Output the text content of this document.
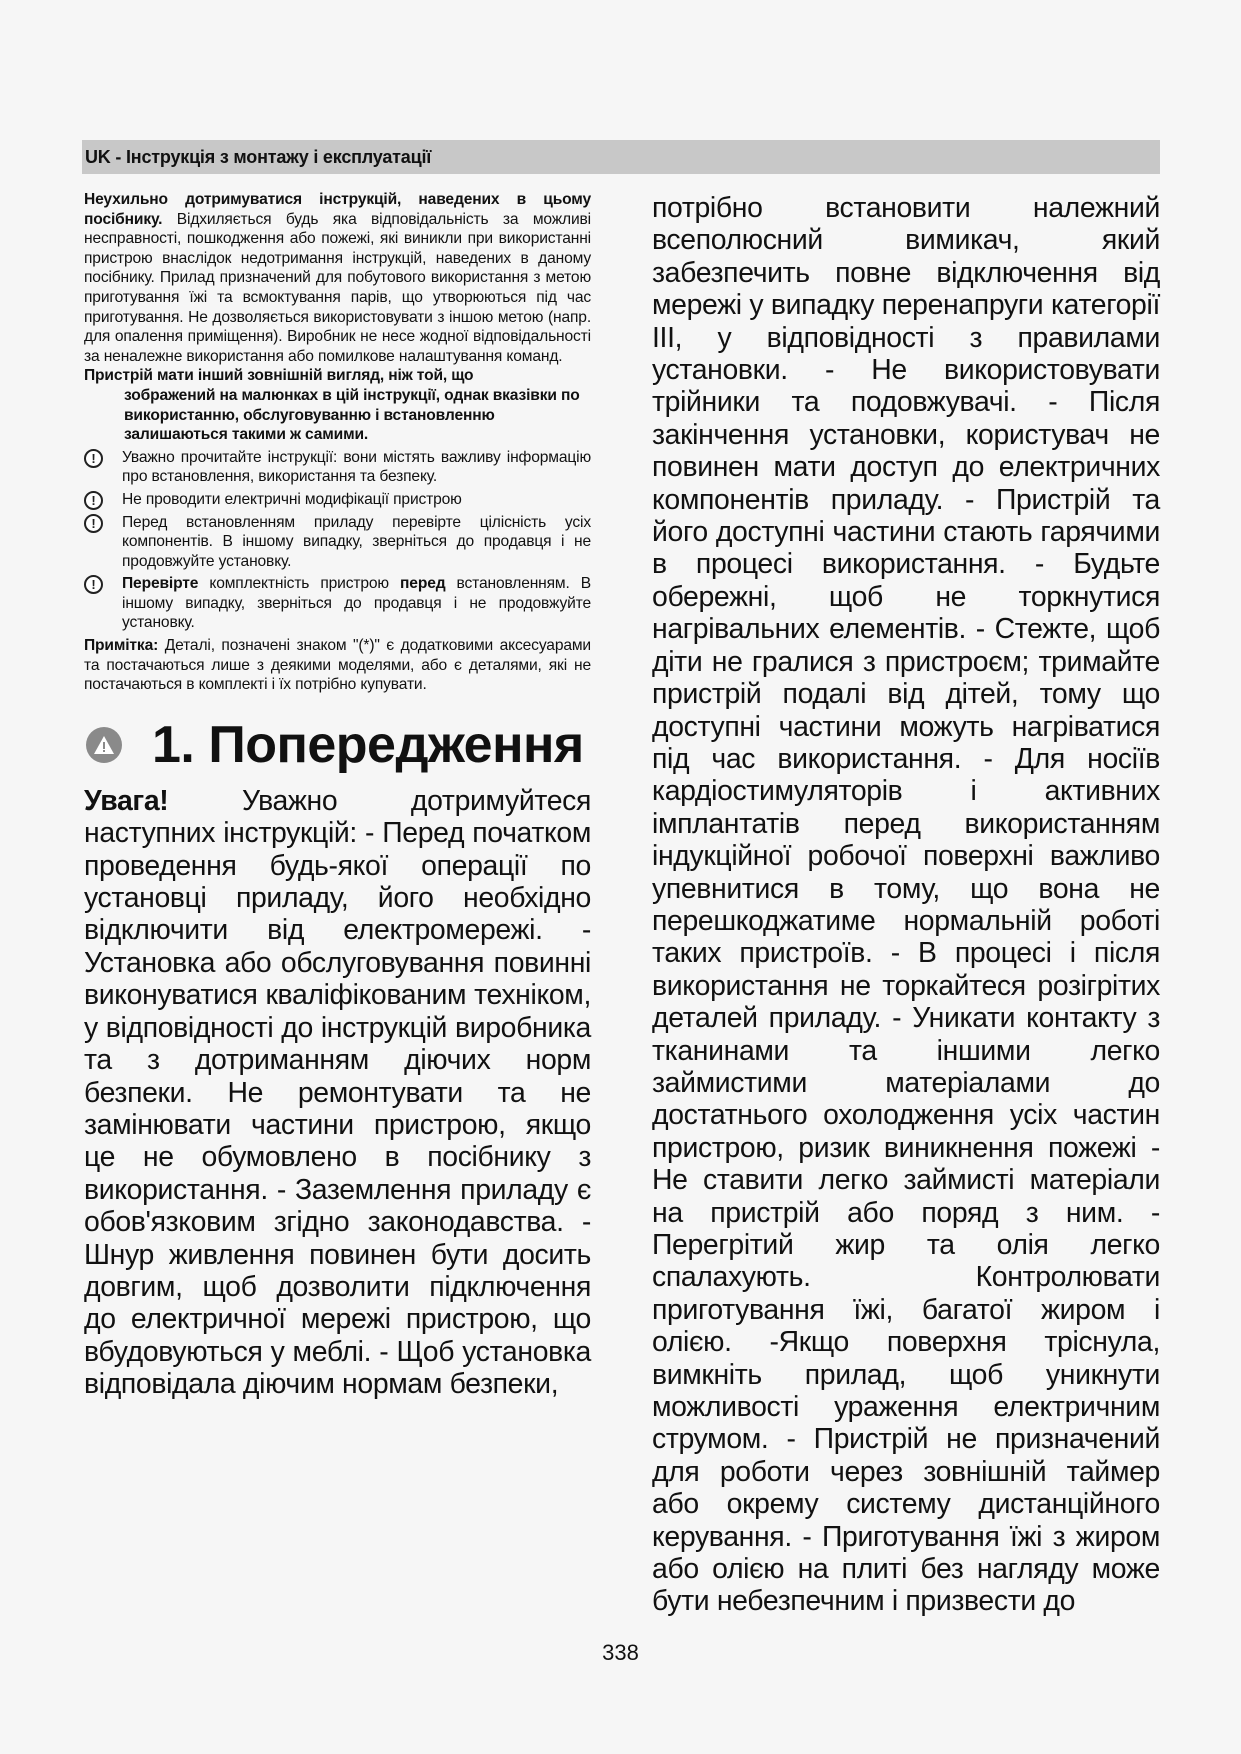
UK - Інструкція з монтажу і експлуатації

Неухильно дотримуватися інструкцій, наведених в цьому посібнику. Відхиляється будь яка відповідальність за можливі несправності, пошкодження або пожежі, які виникли при використанні пристрою внаслідок недотримання інструкцій, наведених в даному посібнику. Прилад призначений для побутового використання з метою приготування їжі та всмоктування парів, що утворюються під час приготування. Не дозволяється використовувати з іншою метою (напр. для опалення приміщення). Виробник не несе жодної відповідальності за неналежне використання або помилкове налаштування команд.

Пристрій мати інший зовнішній вигляд, ніж той, що

зображений на малюнках в цій інструкції, однак вказівки по використанню, обслуговуванню і встановленню залишаються такими ж самими.

!	Уважно прочитайте інструкції: вони містять важливу інформацію про встановлення, використання та безпеку.

!	Не проводити електричні модифікації пристрою

!	Перед встановленням приладу перевірте цілісність усіх компонентів. В іншому випадку, зверніться до продавця і не продовжуйте установку.

!	Перевірте комплектність пристрою перед встановленням. В іншому випадку, зверніться до продавця і не продовжуйте установку.

Примітка: Деталі, позначені знаком "(*)" є додатковими аксесуарами та постачаються лише з деякими моделями, або є деталями, які не постачаються в комплекті і їх потрібно купувати.

1. Попередження

Увага! Уважно дотримуйтеся наступних інструкцій: - Перед початком проведення будь-якої операції по установці приладу, його необхідно відключити від електромережі. - Установка або обслуговування повинні виконуватися кваліфікованим техніком, у відповідності до інструкцій виробника та з дотриманням діючих норм безпеки. Не ремонтувати та не замінювати частини пристрою, якщо це не обумовлено в посібнику з використання. - Заземлення приладу є обов'язковим згідно законодавства. - Шнур живлення повинен бути досить довгим, щоб дозволити підключення до електричної мережі пристрою, що вбудовуються у меблі. - Щоб установка відповідала діючим нормам безпеки,

потрібно встановити належний всеполюсний вимикач, який забезпечить повне відключення від мережі у випадку перенапруги категорії III, у відповідності з правилами установки. - Не використовувати трійники та подовжувачі. - Після закінчення установки, користувач не повинен мати доступ до електричних компонентів приладу. - Пристрій та його доступні частини стають гарячими в процесі використання. - Будьте обережні, щоб не торкнутися нагрівальних елементів. - Стежте, щоб діти не гралися з пристроєм; тримайте пристрій подалі від дітей, тому що доступні частини можуть нагріватися під час використання. - Для носіїв кардіостимуляторів і активних імплантатів перед використанням індукційної робочої поверхні важливо упевнитися в тому, що вона не перешкоджатиме нормальній роботі таких пристроїв. - В процесі і після використання не торкайтеся розігрітих деталей приладу. - Уникати контакту з тканинами та іншими легко займистими матеріалами до достатнього охолодження усіх частин пристрою, ризик виникнення пожежі - Не ставити легко займисті матеріали на пристрій або поряд з ним. - Перегрітий жир та олія легко спалахують. Контролювати приготування їжі, багатої жиром і олією. -Якщо поверхня тріснула, вимкніть прилад, щоб уникнути можливості ураження електричним струмом. - Пристрій не призначений для роботи через зовнішній таймер або окрему систему дистанційного керування. - Приготування їжі з жиром або олією на плиті без нагляду може бути небезпечним і призвести до

338
